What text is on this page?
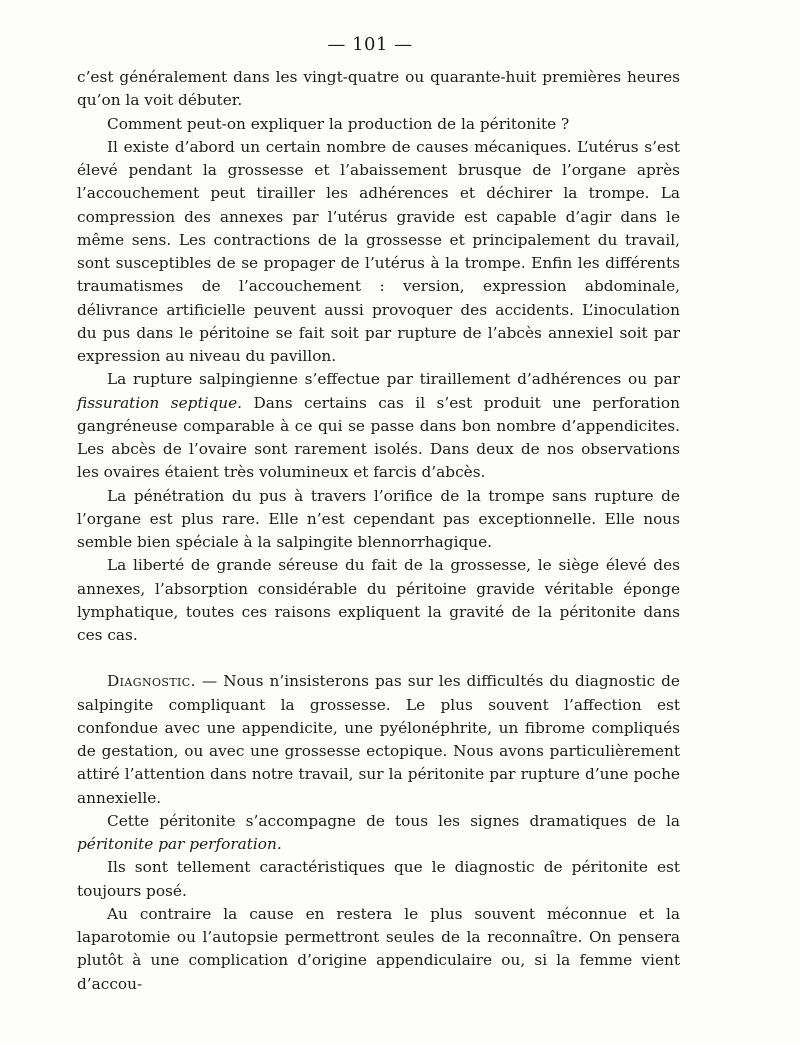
— 101 —

c’est généralement dans les vingt-quatre ou quarante-huit premières heures qu’on la voit débuter.

Comment peut-on expliquer la production de la péritonite ?

Il existe d’abord un certain nombre de causes mécaniques. L’utérus s’est élevé pendant la grossesse et l’abaissement brusque de l’organe après l’accouchement peut tirailler les adhérences et déchirer la trompe. La compression des annexes par l’utérus gravide est capable d’agir dans le même sens. Les contractions de la grossesse et principalement du travail, sont susceptibles de se propager de l’utérus à la trompe. Enfin les différents traumatismes de l’accouchement : version, expression abdominale, délivrance artificielle peuvent aussi provoquer des accidents. L’inoculation du pus dans le péritoine se fait soit par rupture de l’abcès annexiel soit par expression au niveau du pavillon.

La rupture salpingienne s’effectue par tiraillement d’adhérences ou par fissuration septique. Dans certains cas il s’est produit une perforation gangréneuse comparable à ce qui se passe dans bon nombre d’appendicites. Les abcès de l’ovaire sont rarement isolés. Dans deux de nos observations les ovaires étaient très volumineux et farcis d’abcès.

La pénétration du pus à travers l’orifice de la trompe sans rupture de l’organe est plus rare. Elle n’est cependant pas exceptionnelle. Elle nous semble bien spéciale à la salpingite blennorrhagique.

La liberté de grande séreuse du fait de la grossesse, le siège élevé des annexes, l’absorption considérable du péritoine gravide véritable éponge lymphatique, toutes ces raisons expliquent la gravité de la péritonite dans ces cas.

Diagnostic. — Nous n’insisterons pas sur les difficultés du diagnostic de salpingite compliquant la grossesse. Le plus souvent l’affection est confondue avec une appendicite, une pyélonéphrite, un fibrome compliqués de gestation, ou avec une grossesse ectopique. Nous avons particulièrement attiré l’attention dans notre travail, sur la péritonite par rupture d’une poche annexielle.

Cette péritonite s’accompagne de tous les signes dramatiques de la péritonite par perforation.

Ils sont tellement caractéristiques que le diagnostic de péritonite est toujours posé.

Au contraire la cause en restera le plus souvent méconnue et la laparotomie ou l’autopsie permettront seules de la reconnaître. On pensera plutôt à une complication d’origine appendiculaire ou, si la femme vient d’accou-
